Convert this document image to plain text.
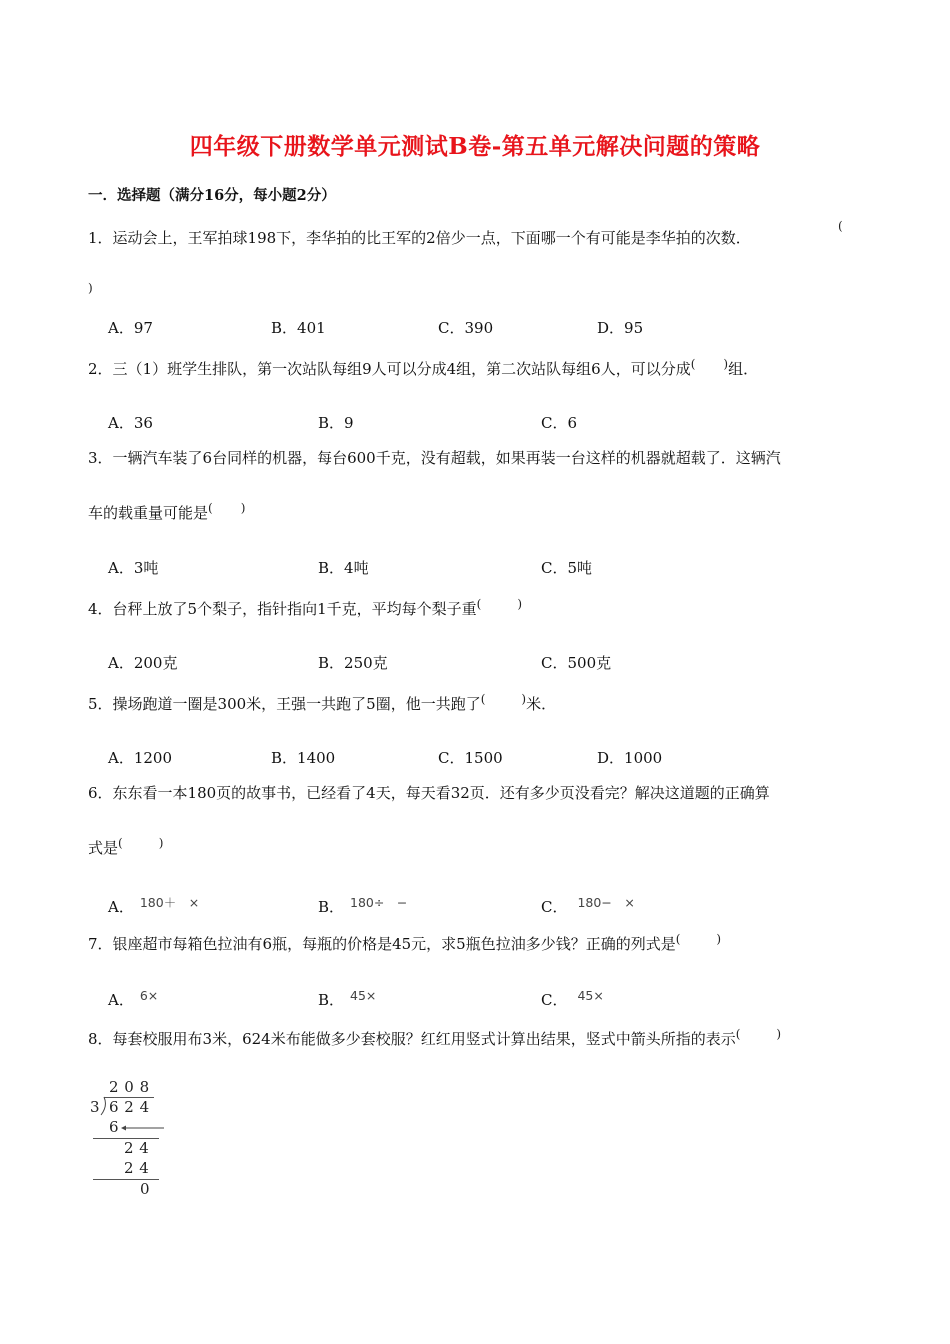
四年级下册数学单元测试B卷-第五单元解决问题的策略
一．选择题（满分16分，每小题2分）
1．运动会上，王军拍球198下，李华拍的比王军的2倍少一点，下面哪一个有可能是李华拍的次数．
(
)
A．97	B．401	C．390	D．95
2．三（1）班学生排队，第一次站队每组9人可以分成4组，第二次站队每组6人，可以分成( )组．
A．36	B．9	C．6
3．一辆汽车装了6台同样的机器，每台600千克，没有超载，如果再装一台这样的机器就超载了．这辆汽
车的载重量可能是( )
A．3吨	B．4吨	C．5吨
4．台秤上放了5个梨子，指针指向1千克，平均每个梨子重(	)
A．200克	B．250克	C．500克
5．操场跑道一圈是300米，王强一共跑了5圈，他一共跑了(	)米．
A．1200	B．1400	C．1500	D．1000
6．东东看一本180页的故事书，已经看了4天，每天看32页．还有多少页没看完？解决这道题的正确算
式是(	)
A． $^{180+ \times}$	B． $^{180\div -}$	C． $^{180- \times}$
7．银座超市每箱色拉油有6瓶，每瓶的价格是45元，求5瓶色拉油多少钱？正确的列式是(	)
A． $^{6\times}$	B． $^{45\times}$	C． $^{45\times}$
8．每套校服用布3米，624米布能做多少套校服？红红用竖式计算出结果，竖式中箭头所指的表示(	)
2 0 8
3 6 2 4
6
2 4
2 4
0
